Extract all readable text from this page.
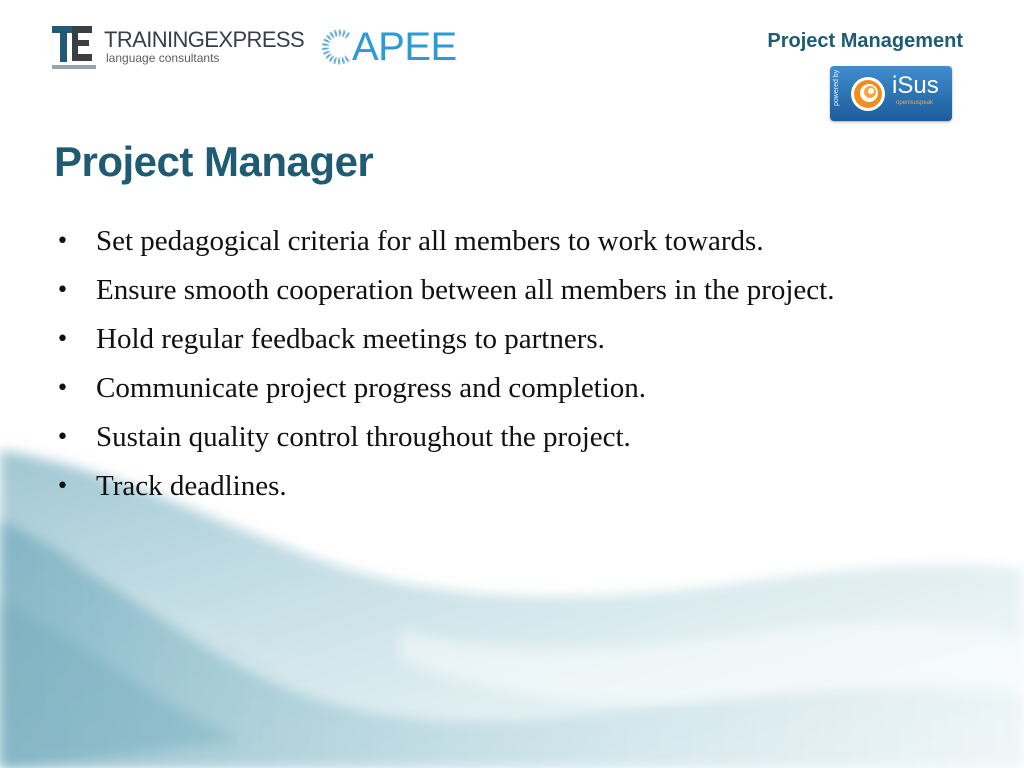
TRAININGEXPRESS
language consultants	APEE	Project Management
powered by iSus
openisuspeak
Project Manager
• Set pedagogical criteria for all members to work towards.
• Ensure smooth cooperation between all members in the project.
• Hold regular feedback meetings to partners.
• Communicate project progress and completion.
• Sustain quality control throughout the project.
• Track deadlines.
